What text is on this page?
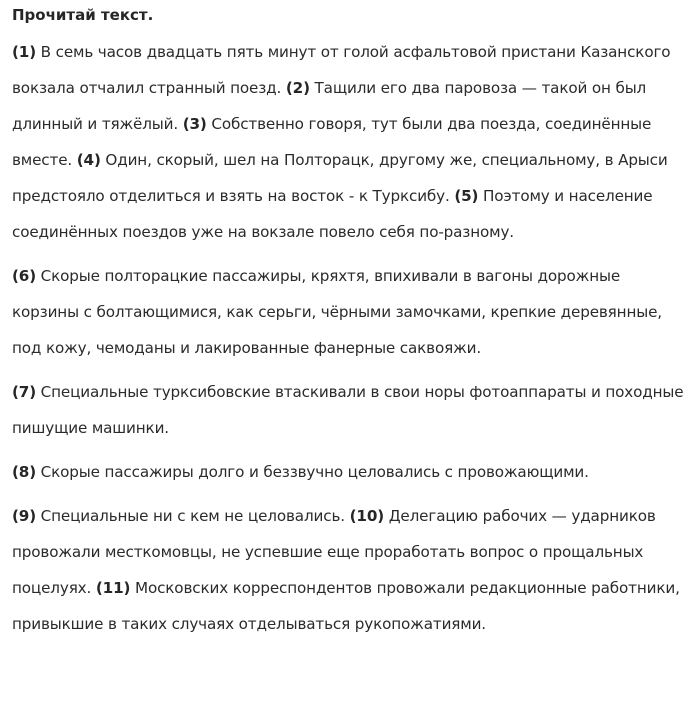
Прочитай текст.
(1) В семь часов двадцать пять минут от голой асфальтовой пристани Казанского вокзала отчалил странный поезд. (2) Тащили его два паровоза — такой он был длинный и тяжёлый. (3) Собственно говоря, тут были два поезда, соединённые вместе. (4) Один, скорый, шел на Полторацк, другому же, специальному, в Арыси предстояло отделиться и взять на восток - к Турксибу. (5) Поэтому и население соединённых поездов уже на вокзале повело себя по-разному.
(6) Скорые полторацкие пассажиры, кряхтя, впихивали в вагоны дорожные корзины с болтающимися, как серьги, чёрными замочками, крепкие деревянные, под кожу, чемоданы и лакированные фанерные саквояжи.
(7) Специальные турксибовские втаскивали в свои норы фотоаппараты и походные пишущие машинки.
(8) Скорые пассажиры долго и беззвучно целовались с провожающими.
(9) Специальные ни с кем не целовались. (10) Делегацию рабочих — ударников провожали месткомовцы, не успевшие еще проработать вопрос о прощальных поцелуях. (11) Московских корреспондентов провожали редакционные работники, привыкшие в таких случаях отделываться рукопожатиями.
